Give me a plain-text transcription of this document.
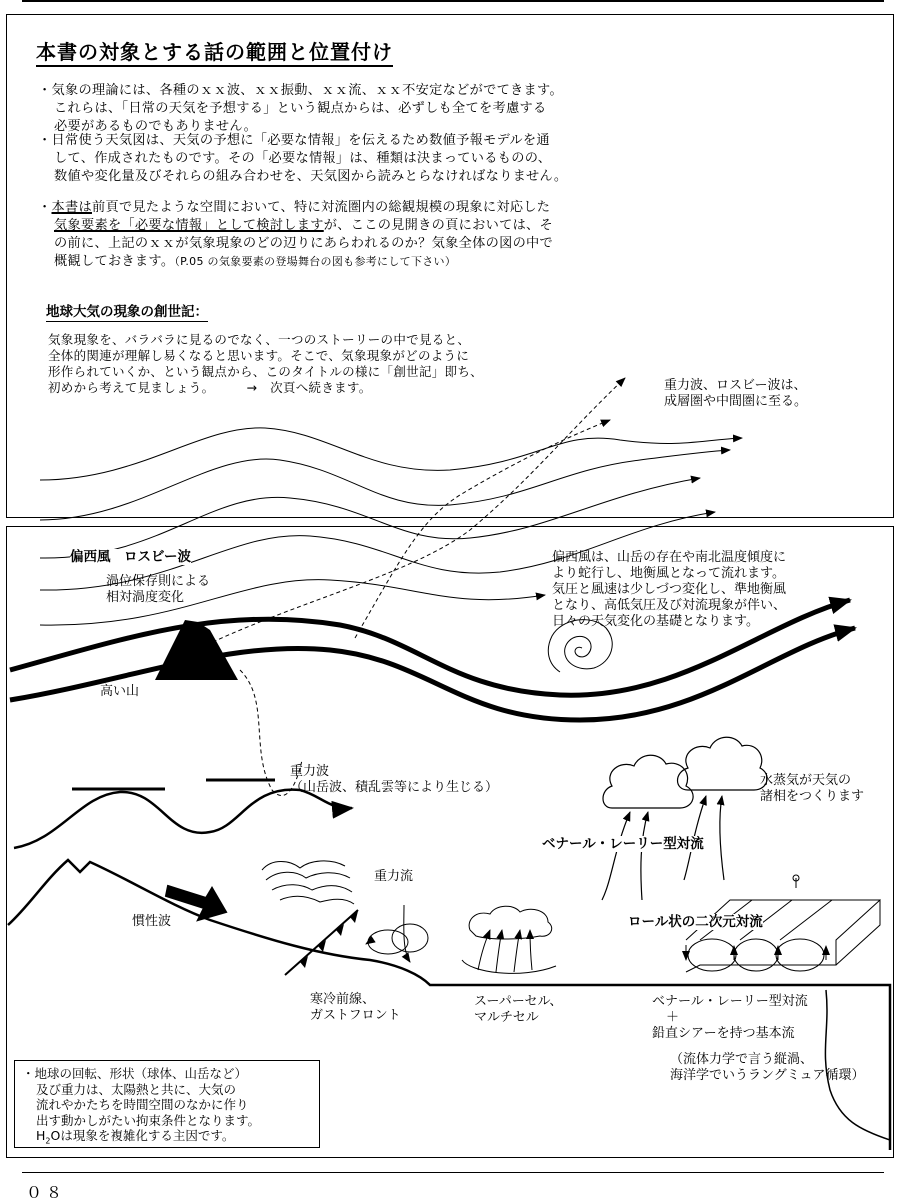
本書の対象とする話の範囲と位置付け
・気象の理論には、各種のｘｘ波、ｘｘ振動、ｘｘ流、ｘｘ不安定などがでてきます。
これらは、「日常の天気を予想する」という観点からは、必ずしも全てを考慮する
必要があるものでもありません。
・日常使う天気図は、天気の予想に「必要な情報」を伝えるため数値予報モデルを通
して、作成されたものです。その「必要な情報」は、種類は決まっているものの、
数値や変化量及びそれらの組み合わせを、天気図から読みとらなければなりません。
・本書は前頁で見たような空間において、特に対流圏内の総観規模の現象に対応した
気象要素を「必要な情報」として検討しますが、ここの見開きの頁においては、そ
の前に、上記のｘｘが気象現象のどの辺りにあらわれるのか？気象全体の図の中で
概観しておきます。（P.05 の気象要素の登場舞台の図も参考にして下さい）
地球大気の現象の創世記：
気象現象を、バラバラに見るのでなく、一つのストーリーの中で見ると、
全体的関連が理解し易くなると思います。そこで、気象現象がどのように
形作られていくか、という観点から、このタイトルの様に「創世記」即ち、
初めから考えて見ましょう。　　　→　次頁へ続きます。	重力波、ロスビー波は、
成層圏や中間圏に至る。
偏西風　ロスビー波
渦位保存則による
相対渦度変化
偏西風は、山岳の存在や南北温度傾度に
より蛇行し、地衡風となって流れます。
気圧と風速は少しづつ変化し、準地衡風
となり、高低気圧及び対流現象が伴い、
日々の天気変化の基礎となります。
高い山
重力波
（山岳波、積乱雲等により生じる）	水蒸気が天気の
諸相をつくります
ベナール・レーリー型対流
重力流
慣性波	ロール状の二次元対流
寒冷前線、
ガストフロント
スーパーセル、
マルチセル
ベナール・レーリー型対流
＋
鉛直シアーを持つ基本流
（流体力学で言う縦渦、
海洋学でいうラングミュア循環）
・地球の回転、形状（球体、山岳など）
及び重力は、太陽熱と共に、大気の
流れやかたちを時間空間のなかに作り
出す動かしがたい拘束条件となります。
$H_2O$は現象を複雑化する主因です。
０８
